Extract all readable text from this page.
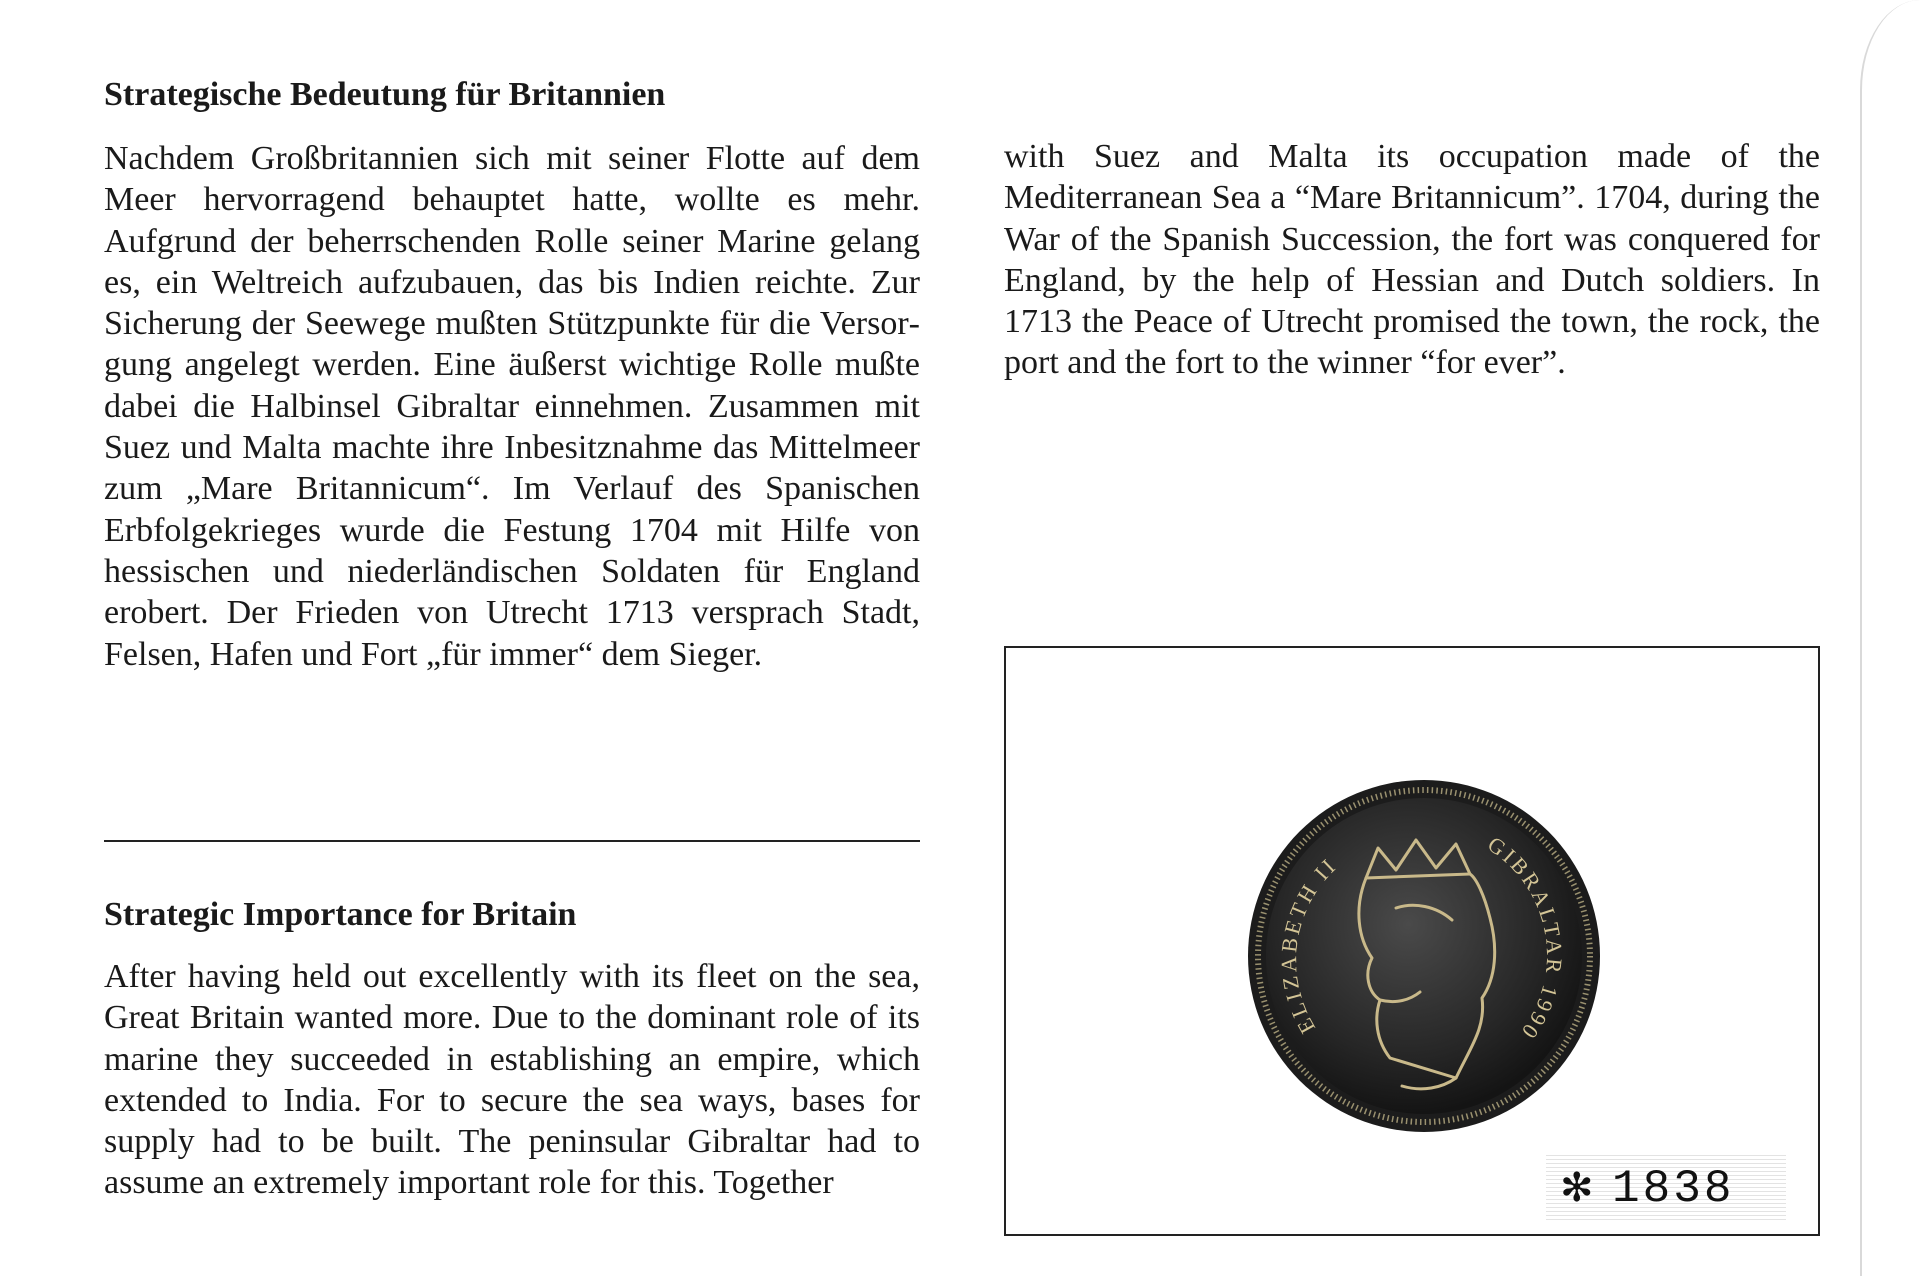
Strategische Bedeutung für Britannien

Nachdem Großbritannien sich mit seiner Flotte auf dem Meer hervorragend behauptet hatte, wollte es mehr. Aufgrund der beherrschenden Rolle seiner Marine gelang es, ein Weltreich aufzubauen, das bis Indien reichte. Zur Sicherung der Seewege mußten Stützpunkte für die Versorgung angelegt werden. Eine äußerst wichtige Rolle mußte dabei die Halbinsel Gibraltar einnehmen. Zusammen mit Suez und Malta machte ihre Inbesitznahme das Mittelmeer zum „Mare Britannicum“. Im Verlauf des Spanischen Erbfolgekrieges wurde die Festung 1704 mit Hilfe von hessischen und niederländischen Soldaten für England erobert. Der Frieden von Utrecht 1713 versprach Stadt, Felsen, Hafen und Fort „für immer“ dem Sieger.

Strategic Importance for Britain

After having held out excellently with its fleet on the sea, Great Britain wanted more. Due to the dominant role of its marine they succeeded in establishing an empire, which extended to India. For to secure the sea ways, bases for supply had to be built. The peninsular Gibraltar had to assume an extremely important role for this. Together

with Suez and Malta its occupation made of the Mediterranean Sea a “Mare Britannicum”. 1704, during the War of the Spanish Succession, the fort was conquered for England, by the help of Hessian and Dutch soldiers. In 1713 the Peace of Utrecht promised the town, the rock, the port and the fort to the winner “for ever”.

ELIZABETH II
GIBRALTAR 1990
✻ 1838
